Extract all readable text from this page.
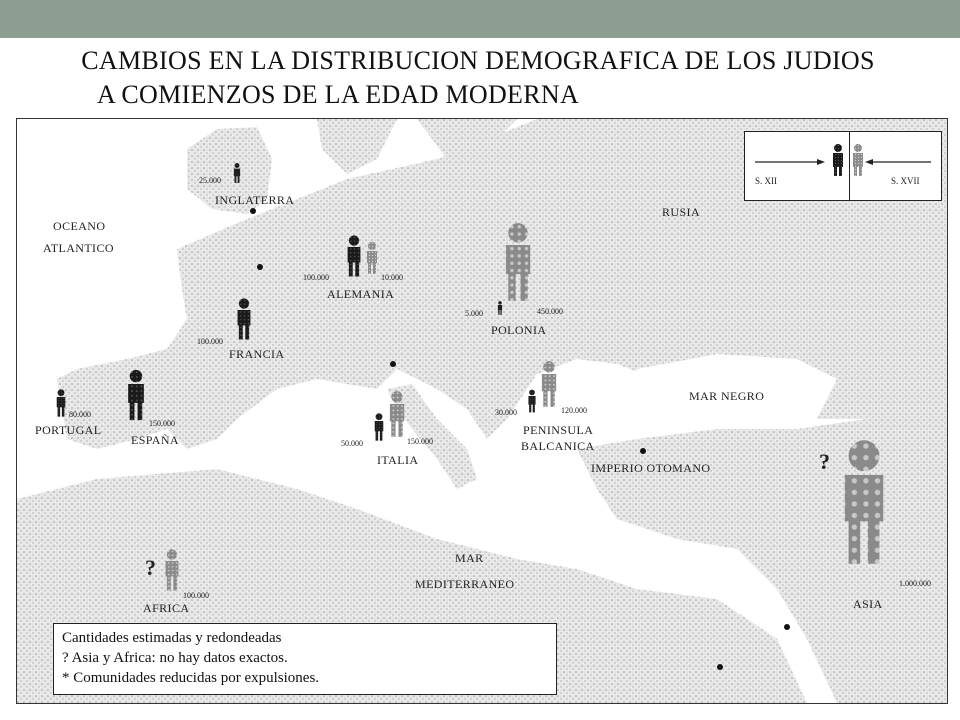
CAMBIOS EN LA DISTRIBUCION DEMOGRAFICA DE LOS JUDIOS
A COMIENZOS DE LA EDAD MODERNA
S. XII	S. XVII
OCEANO
ATLANTICO
RUSIA
INGLATERRA
ALEMANIA
POLONIA
FRANCIA
PORTUGAL
ESPAÑA
ITALIA
PENINSULA
BALCANICA
MAR NEGRO
IMPERIO OTOMANO
MAR
MEDITERRANEO
AFRICA	ASIA
25.000
100.000	10.000
5.000	450.000
100.000
80.000
150.000
50.000	150.000
30.000	120.000
100.000
1.000.000
?
?
Cantidades estimadas y redondeadas
? Asia y Africa: no hay datos exactos.
* Comunidades reducidas por expulsiones.
